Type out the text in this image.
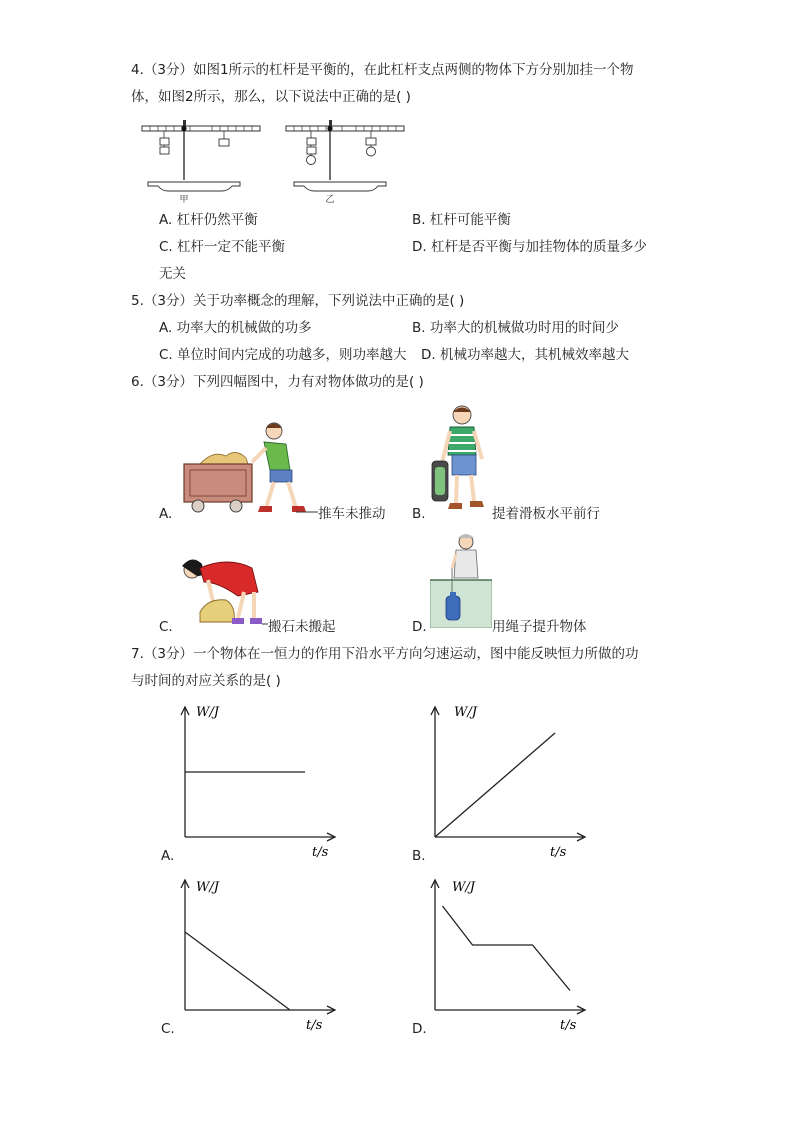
4.（3分）如图1所示的杠杆是平衡的，在此杠杆支点两侧的物体下方分别加挂一个物
体，如图2所示，那么，以下说法中正确的是( )
甲	乙
A. 杠杆仍然平衡	B. 杠杆可能平衡
C. 杠杆一定不能平衡	D. 杠杆是否平衡与加挂物体的质量多少
无关
5.（3分）关于功率概念的理解，下列说法中正确的是( )
A. 功率大的机械做的功多	B. 功率大的机械做功时用的时间少
C. 单位时间内完成的功越多，则功率越大 D. 机械功率越大，其机械效率越大
6.（3分）下列四幅图中，力有对物体做功的是( )
A.	推车未推动 B.	提着滑板水平前行
C.	搬石未搬起	D.	用绳子提升物体
7.（3分）一个物体在一恒力的作用下沿水平方向匀速运动，图中能反映恒力所做的功
与时间的对应关系的是( )
W/J
t/s
A.
W/J
t/s
B.
W/J
t/s
C.
W/J
t/s
D.
